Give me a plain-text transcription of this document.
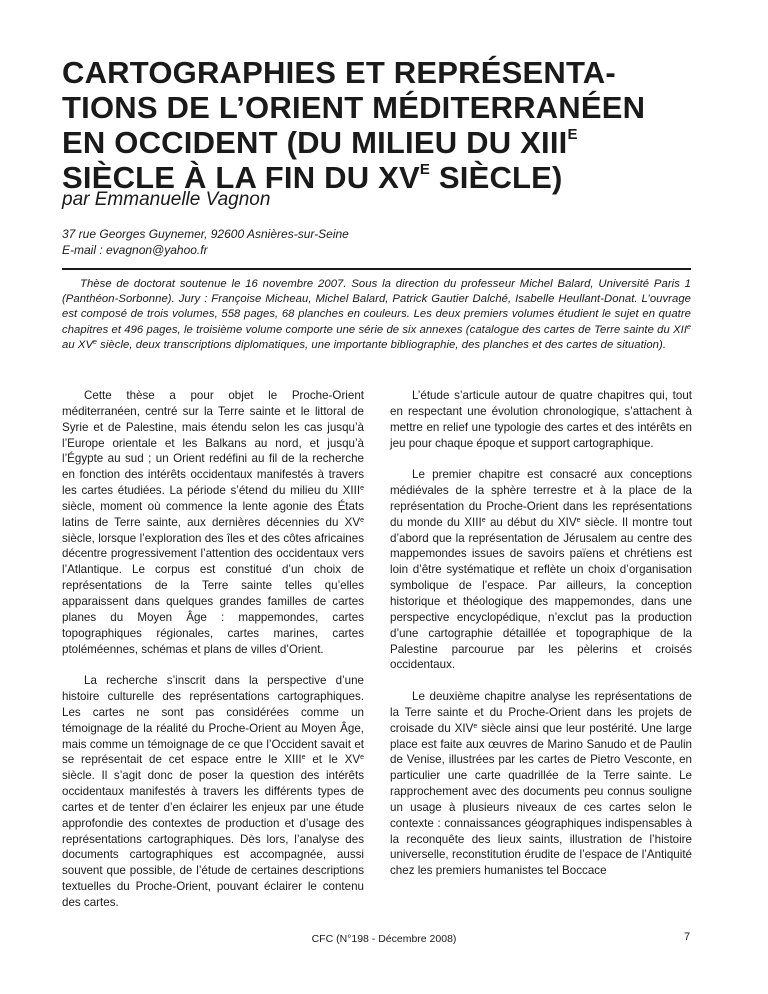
CARTOGRAPHIES ET REPRÉSENTA-
TIONS DE L’ORIENT MÉDITERRANÉEN
EN OCCIDENT (DU MILIEU DU $XIII^E$
SIÈCLE À LA FIN DU $XV^E$ SIÈCLE)
par Emmanuelle Vagnon
37 rue Georges Guynemer, 92600 Asnières-sur-Seine
E-mail : evagnon@yahoo.fr

Thèse de doctorat soutenue le 16 novembre 2007. Sous la direction du professeur Michel Balard, Université Paris 1 (Panthéon-Sorbonne). Jury : Françoise Micheau, Michel Balard, Patrick Gautier Dalché, Isabelle Heullant-Donat. L’ouvrage est composé de trois volumes, 558 pages, 68 planches en couleurs. Les deux premiers volumes étudient le sujet en quatre chapitres et 496 pages, le troisième volume comporte une série de six annexes (catalogue des cartes de Terre sainte du XIIe au XVe siècle, deux transcriptions diplomatiques, une importante bibliographie, des planches et des cartes de situation).

Cette thèse a pour objet le Proche-Orient méditerranéen, centré sur la Terre sainte et le littoral de Syrie et de Palestine, mais étendu selon les cas jusqu’à l’Europe orientale et les Balkans au nord, et jusqu’à l’Égypte au sud ; un Orient redéfini au fil de la recherche en fonction des intérêts occidentaux manifestés à travers les cartes étudiées. La période s’étend du milieu du XIIIe siècle, moment où commence la lente agonie des États latins de Terre sainte, aux dernières décennies du XVe siècle, lorsque l’exploration des îles et des côtes africaines décentre progressivement l’attention des occidentaux vers l’Atlantique. Le corpus est constitué d’un choix de représentations de la Terre sainte telles qu’elles apparaissent dans quelques grandes familles de cartes planes du Moyen Âge : mappemondes, cartes topographiques régionales, cartes marines, cartes ptoléméennes, schémas et plans de villes d’Orient.

La recherche s’inscrit dans la perspective d’une histoire culturelle des représentations cartographiques. Les cartes ne sont pas considérées comme un témoignage de la réalité du Proche-Orient au Moyen Âge, mais comme un témoignage de ce que l’Occident savait et se représentait de cet espace entre le XIIIe et le XVe siècle. Il s’agit donc de poser la question des intérêts occidentaux manifestés à travers les différents types de cartes et de tenter d’en éclairer les enjeux par une étude approfondie des contextes de production et d’usage des représentations cartographiques. Dès lors, l’analyse des documents cartographiques est accompagnée, aussi souvent que possible, de l’étude de certaines descriptions textuelles du Proche-Orient, pouvant éclairer le contenu des cartes.

L’étude s’articule autour de quatre chapitres qui, tout en respectant une évolution chronologique, s’attachent à mettre en relief une typologie des cartes et des intérêts en jeu pour chaque époque et support cartographique.

Le premier chapitre est consacré aux conceptions médiévales de la sphère terrestre et à la place de la représentation du Proche-Orient dans les représentations du monde du XIIIe au début du XIVe siècle. Il montre tout d’abord que la représentation de Jérusalem au centre des mappemondes issues de savoirs païens et chrétiens est loin d’être systématique et reflète un choix d’organisation symbolique de l’espace. Par ailleurs, la conception historique et théologique des mappemondes, dans une perspective encyclopédique, n’exclut pas la production d’une cartographie détaillée et topographique de la Palestine parcourue par les pèlerins et croisés occidentaux.

Le deuxième chapitre analyse les représentations de la Terre sainte et du Proche-Orient dans les projets de croisade du XIVe siècle ainsi que leur postérité. Une large place est faite aux œuvres de Marino Sanudo et de Paulin de Venise, illustrées par les cartes de Pietro Vesconte, en particulier une carte quadrillée de la Terre sainte. Le rapprochement avec des documents peu connus souligne un usage à plusieurs niveaux de ces cartes selon le contexte : connaissances géographiques indispensables à la reconquête des lieux saints, illustration de l’histoire universelle, reconstitution érudite de l’espace de l’Antiquité chez les premiers humanistes tel Boccace

CFC (N°198 - Décembre 2008)	7
